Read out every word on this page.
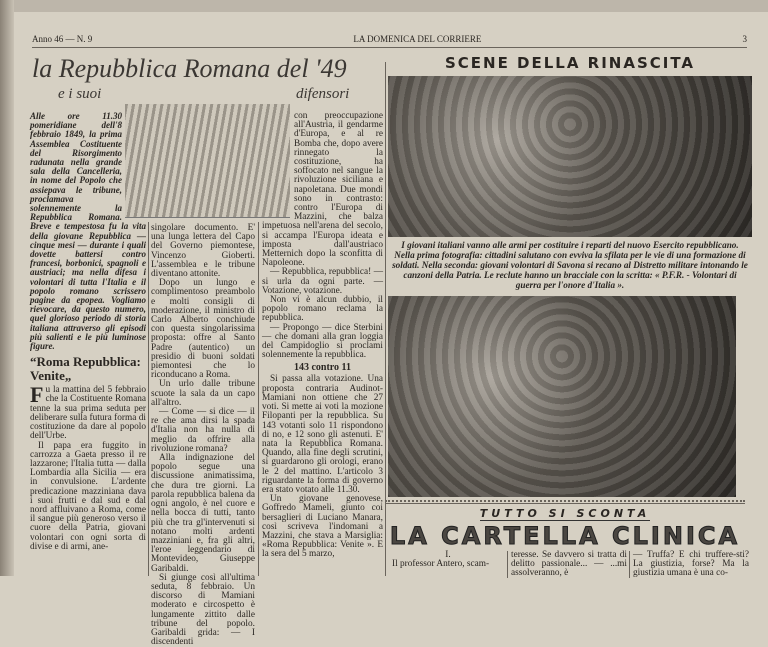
Anno 46 — N. 9	LA DOMENICA DEL CORRIERE	3
la Repubblica Romana del '49
e i suoi	difensori
Alle ore 11.30 pomeridiane dell'8 febbraio 1849, la prima Assemblea Costituente del Risorgimento radunata nella grande sala della Cancelleria, in nome del Popolo che assiepava le tribune, proclamava solennemente la Repubblica Romana. Breve e tempestosa fu la vita della giovane Repubblica — cinque mesi — durante i quali dovette battersi contro francesi, borbonici, spagnoli e austriaci; ma nella difesa i volontari di tutta l'Italia e il popolo romano scrissero pagine da epopea. Vogliamo rievocare, da questo numero, quel glorioso periodo di storia italiana attraverso gli episodi più salienti e le più luminose figure.
“Roma Repubblica: Venite„
Fu la mattina del 5 febbraio che la Costituente Romana tenne la sua prima seduta per deliberare sulla futura forma di costituzione da dare al popolo dell'Urbe.

Il papa era fuggito in carrozza a Gaeta presso il re lazzarone; l'Italia tutta — dalla Lombardia alla Sicilia — era in convulsione. L'ardente predicazione mazziniana dava i suoi frutti e dal sud e dal nord affluivano a Roma, come il sangue più generoso verso il cuore della Patria, giovani volontari con ogni sorta di divise e di armi, ane-

singolare documento. E' una lunga lettera del Capo del Governo piemontese, Vincenzo Gioberti. L'assemblea e le tribune diventano attonite.

Dopo un lungo e complimentoso preambolo e molti consigli di moderazione, il ministro di Carlo Alberto conchiude con questa singolarissima proposta: offre al Santo Padre (autentico) un presidio di buoni soldati piemontesi che lo riconducano a Roma.

Un urlo dalle tribune scuote la sala da un capo all'altro.

— Come — si dice — il re che ama dirsi la spada d'Italia non ha nulla di meglio da offrire alla rivoluzione romana?

Alla indignazione del popolo segue una discussione animatissima, che dura tre giorni. La parola repubblica balena da ogni angolo, è nel cuore e nella bocca di tutti, tanto più che tra gl'intervenuti si notano molti ardenti mazziniani e, fra gli altri, l'eroe leggendario di Montevideo, Giuseppe Garibaldi.

Si giunge così all'ultima seduta, 8 febbraio. Un discorso di Mamiani moderato e circospetto è lungamente zittito dalle tribune del popolo. Garibaldi grida: — I discendenti

con preoccupazione all'Austria, il gendarme d'Europa, e al re Bomba che, dopo avere rinnegato la costituzione, ha soffocato nel sangue la rivoluzione siciliana e napoletana. Due mondi sono in contrasto: contro l'Europa di Mazzini, che balza impetuosa nell'arena del secolo, si accampa l'Europa ideata e imposta dall'austriaco Metternich dopo la sconfitta di Napoleone.

— Repubblica, repubblica! — si urla da ogni parte. — Votazione, votazione.

Non vi è alcun dubbio, il popolo romano reclama la repubblica.

— Propongo — dice Sterbini — che domani alla gran loggia del Campidoglio si proclami solennemente la repubblica.

143 contro 11

Si passa alla votazione. Una proposta contraria Audinot-Mamiani non ottiene che 27 voti. Si mette ai voti la mozione Filopanti per la repubblica. Su 143 votanti solo 11 rispondono di no, e 12 sono gli astenuti. E' nata la Repubblica Romana. Quando, alla fine degli scrutini, si guardarono gli orologi, erano le 2 del mattino. L'articolo 3 riguardante la forma di governo era stato votato alle 11.30.

Un giovane genovese, Goffredo Mameli, giunto coi bersaglieri di Luciano Manara, così scriveva l'indomani a Mazzini, che stava a Marsiglia: «Roma Repubblica: Venite ». E la sera del 5 marzo,

SCENE DELLA RINASCITA
I giovani italiani vanno alle armi per costituire i reparti del nuovo Esercito repubblicano. Nella prima fotografia: cittadini salutano con evviva la sfilata per le vie di una formazione di soldati. Nella seconda: giovani volontari di Savona si recano al Distretto militare intonando le canzoni della Patria. Le reclute hanno un bracciale con la scritta: « P.F.R. - Volontari di guerra per l'onore d'Italia ».
TUTTO SI SCONTA
LA CARTELLA CLINICA
I.
Il professor Antero, scam-
teresse. Se davvero si tratta di delitto passionale... — ...mi assolveranno, è
— Truffa? E chi truffere-sti? La giustizia, forse? Ma la giustizia umana è una co-
